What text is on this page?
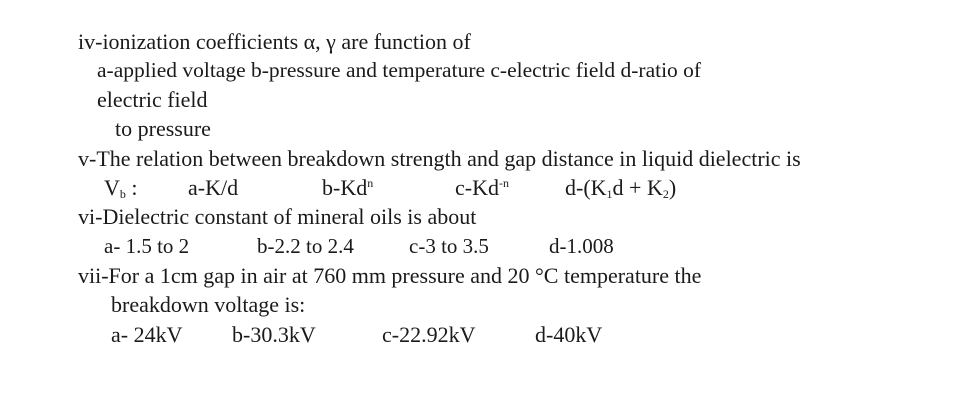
iv-ionization coefficients α, γ are function of
a-applied voltage b-pressure and temperature c-electric field d-ratio of
electric field
to pressure
v-The relation between breakdown strength and gap distance in liquid dielectric is
$V_b$ : a-K/d	b-Kd$^n$	$c-Kd^{-n}$	$d-(K_1d + K_2)$
vi-Dielectric constant of mineral oils is about
a- 1.5 to 2	b-2.2 to 2.4	c-3 to 3.5	d-1.008
vii-For a 1cm gap in air at 760 mm pressure and 20 °C temperature the
breakdown voltage is:
a- 24kV b-30.3kV	c-22.92kV	d-40kV
